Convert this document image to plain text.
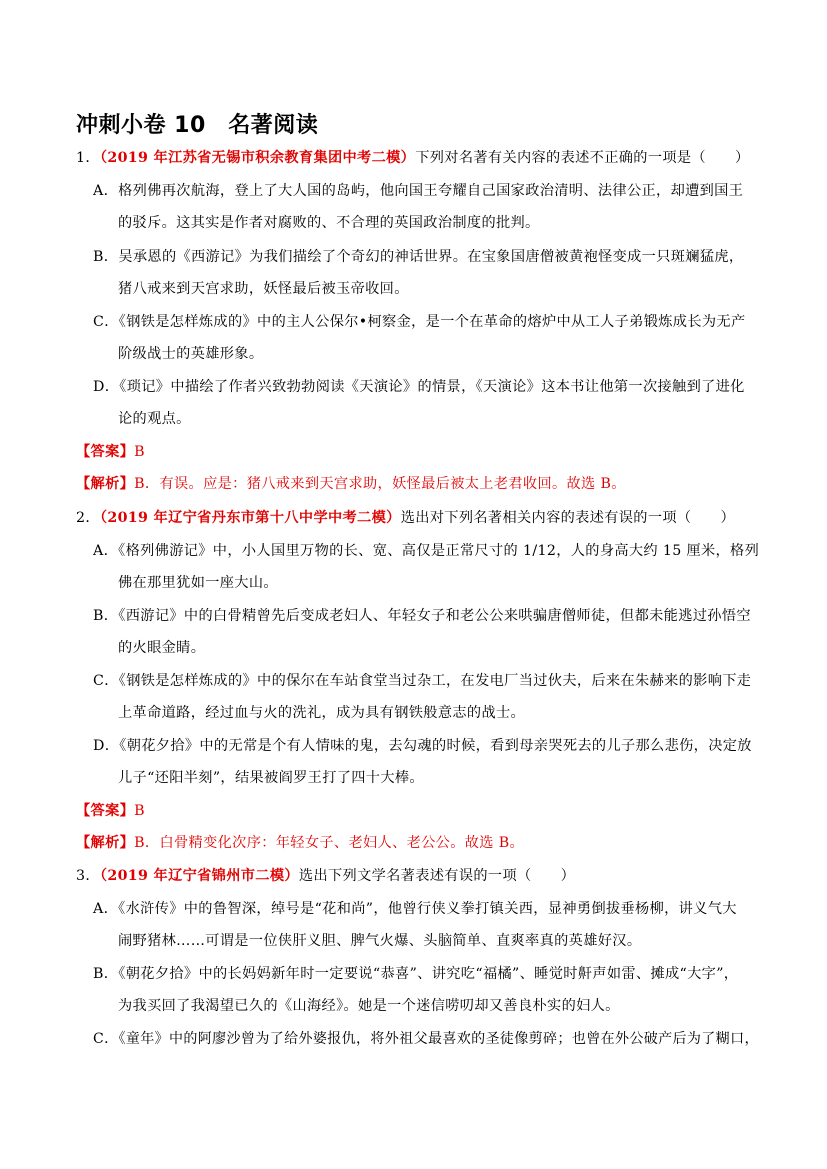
冲刺小卷 10　名著阅读
1．（2019 年江苏省无锡市积余教育集团中考二模）下列对名著有关内容的表述不正确的一项是（　　）
A．格列佛再次航海，登上了大人国的岛屿，他向国王夸耀自己国家政治清明、法律公正，却遭到国王
的驳斥。这其实是作者对腐败的、不合理的英国政治制度的批判。
B．吴承恩的《西游记》为我们描绘了个奇幻的神话世界。在宝象国唐僧被黄袍怪变成一只斑斓猛虎，
猪八戒来到天宫求助，妖怪最后被玉帝收回。
C．《钢铁是怎样炼成的》中的主人公保尔•柯察金，是一个在革命的熔炉中从工人子弟锻炼成长为无产
阶级战士的英雄形象。
D．《琐记》中描绘了作者兴致勃勃阅读《天演论》的情景，《天演论》这本书让他第一次接触到了进化
论的观点。
【答案】B
【解析】B．有误。应是：猪八戒来到天宫求助，妖怪最后被太上老君收回。故选 B。
2．（2019 年辽宁省丹东市第十八中学中考二模）选出对下列名著相关内容的表述有误的一项（　　）
A．《格列佛游记》中，小人国里万物的长、宽、高仅是正常尺寸的 1/12，人的身高大约 15 厘米，格列
佛在那里犹如一座大山。
B．《西游记》中的白骨精曾先后变成老妇人、年轻女子和老公公来哄骗唐僧师徒，但都未能逃过孙悟空
的火眼金睛。
C．《钢铁是怎样炼成的》中的保尔在车站食堂当过杂工，在发电厂当过伙夫，后来在朱赫来的影响下走
上革命道路，经过血与火的洗礼，成为具有钢铁般意志的战士。
D．《朝花夕拾》中的无常是个有人情味的鬼，去勾魂的时候，看到母亲哭死去的儿子那么悲伤，决定放
儿子“还阳半刻”，结果被阎罗王打了四十大棒。
【答案】B
【解析】B．白骨精变化次序：年轻女子、老妇人、老公公。故选 B。
3．（2019 年辽宁省锦州市二模）选出下列文学名著表述有误的一项（　　）
A．《水浒传》中的鲁智深，绰号是“花和尚”，他曾行侠义拳打镇关西，显神勇倒拔垂杨柳，讲义气大
闹野猪林……可谓是一位侠肝义胆、脾气火爆、头脑简单、直爽率真的英雄好汉。
B．《朝花夕拾》中的长妈妈新年时一定要说“恭喜”、讲究吃“福橘”、睡觉时鼾声如雷、摊成“大字”，
为我买回了我渴望已久的《山海经》。她是一个迷信唠叨却又善良朴实的妇人。
C．《童年》中的阿廖沙曾为了给外婆报仇，将外祖父最喜欢的圣徒像剪碎；也曾在外公破产后为了糊口，
